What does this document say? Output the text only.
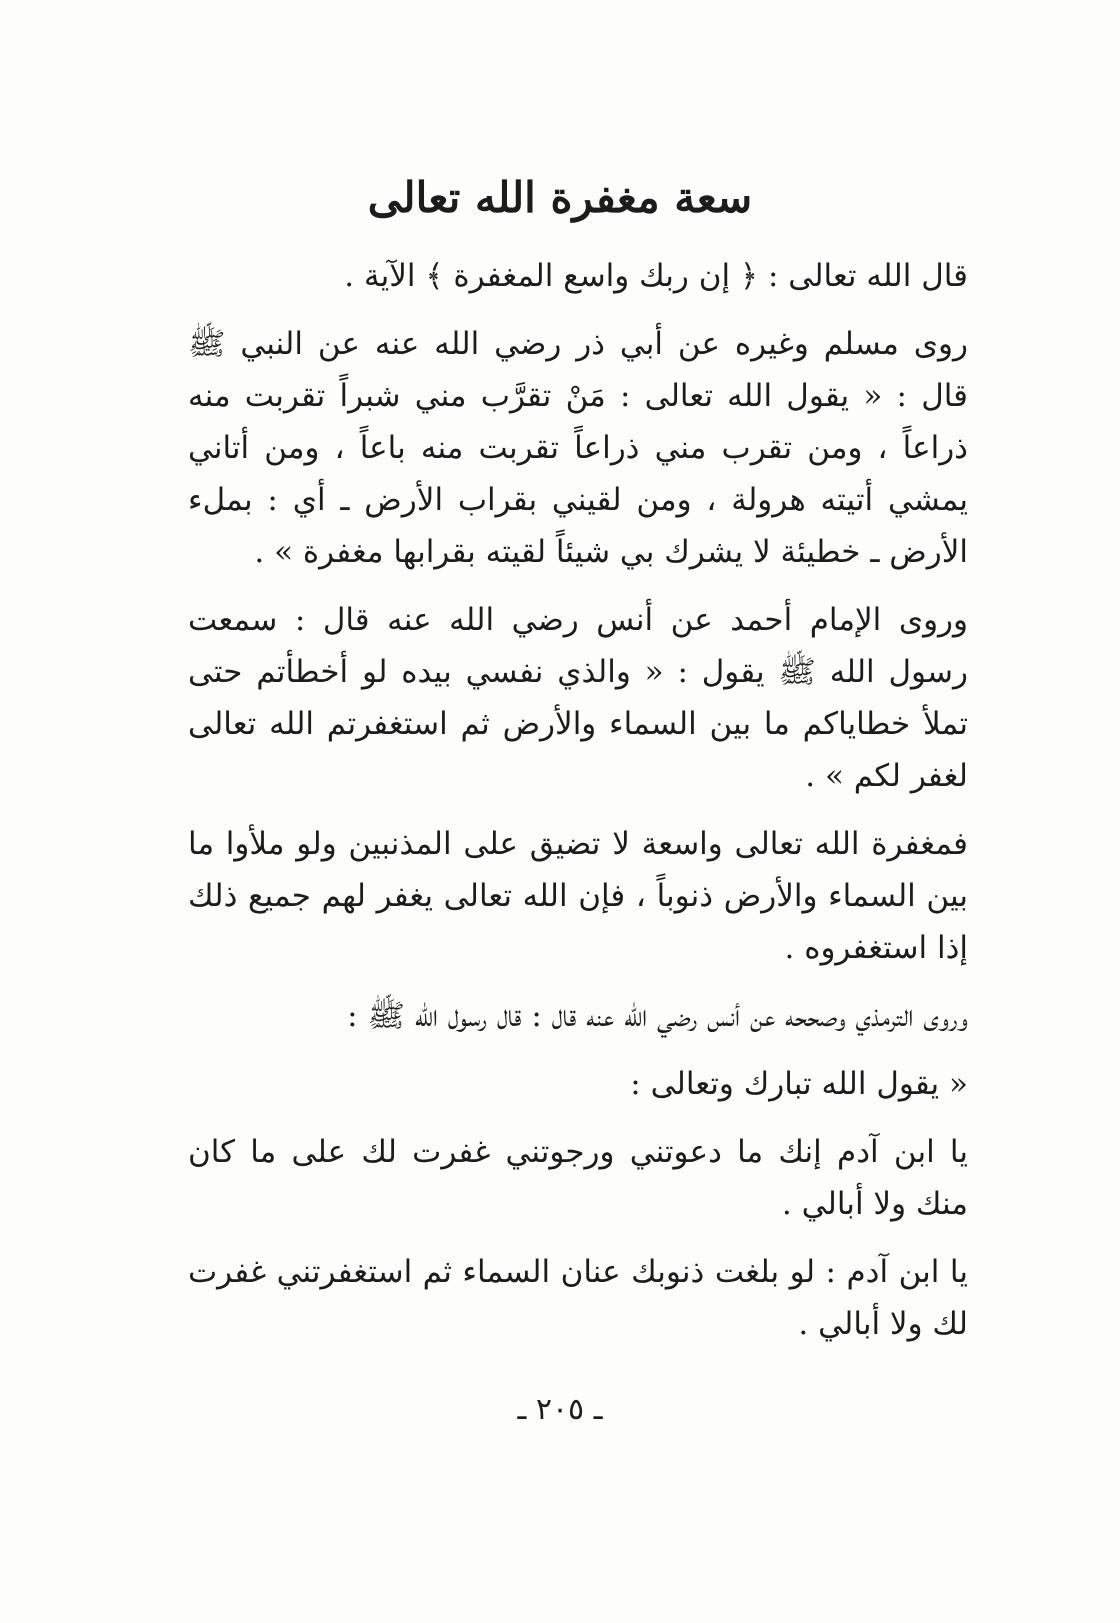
سعة مغفرة الله تعالى

قال الله تعالى : ﴿ إن ربك واسع المغفرة ﴾ الآية .

روى مسلم وغيره عن أبي ذر رضي الله عنه عن النبي ﷺ قال : « يقول الله تعالى : مَنْ تقرَّب مني شبراً تقربت منه ذراعاً ، ومن تقرب مني ذراعاً تقربت منه باعاً ، ومن أتاني يمشي أتيته هرولة ، ومن لقيني بقراب الأرض ـ أي : بملء الأرض ـ خطيئة لا يشرك بي شيئاً لقيته بقرابها مغفرة » .

وروى الإمام أحمد عن أنس رضي الله عنه قال : سمعت رسول الله ﷺ يقول : « والذي نفسي بيده لو أخطأتم حتى تملأ خطاياكم ما بين السماء والأرض ثم استغفرتم الله تعالى لغفر لكم » .

فمغفرة الله تعالى واسعة لا تضيق على المذنبين ولو ملأوا ما بين السماء والأرض ذنوباً ، فإن الله تعالى يغفر لهم جميع ذلك إذا استغفروه .

وروى الترمذي وصححه عن أنس رضي الله عنه قال : قال رسول الله ﷺ :

« يقول الله تبارك وتعالى :

يا ابن آدم إنك ما دعوتني ورجوتني غفرت لك على ما كان منك ولا أبالي .

يا ابن آدم : لو بلغت ذنوبك عنان السماء ثم استغفرتني غفرت لك ولا أبالي .

ـ ٢٠٥ ـ
